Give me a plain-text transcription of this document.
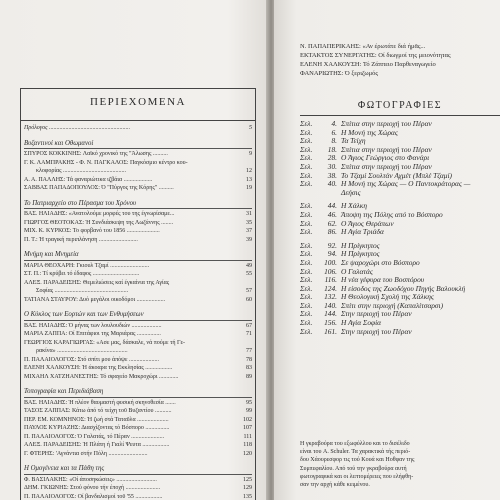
ΠΕΡΙΕΧΟΜΕΝΑ
Πρόλογος ......................................................	5
Βυζαντινοί και Οθωμανοί
ΣΠΥΡΟΣ ΚΟΚΚΙΝΗΣ: Λαϊκό χρονικό της "Άλωσης ..........	9
Γ. Κ. ΛΑΜΠΡΑΚΗΣ - Φ. Ν. ΠΑΓΚΑΛΟΣ: Παγκόσμιο κέντρο κου-
κλοφορίας ..........................................	12
Α. Α. ΠΑΛΛΗΣ: Τά φαναριώτικα ιζβάια ...................	13
ΣΑΒΒΑΣ ΠΑΠΑΔΟΠΟΥΛΟΣ: Ό "Πύργος της Κόρης" ..........	19
Το Πατριαρχείο στο Πέρασμα του Χρόνου
ΒΑΣ. ΗΛΙΑΔΗΣ: «Ανατολούμε μορφές του της έγνωρίσαμε...	31
ΓΙΩΡΓΟΣ ΘΕΟΤΟΚΑΣ: Ή Συνδιάσκεψη της Λωζάννης ........	35
ΜΙΧ. Κ. ΚΥΡΚΟΣ: Το φορβανό του 1856 ......................	37
Π. Τ.: Ή τραγική περιπλάνηση ..........................	39
Μνήμη και Μνημεία
ΜΑΡΙΑ ΘΕΟΧΑΡΗ: Γκιουλ Τζαμί ..........................	49
ΣΤ. Π.: Τί κρύβει τό έδαφος ...............................	55
ΑΛΕΞ. ΠΑΡΑΔΕΙΣΗΣ: Θεμελιώσεις καί έγκαίνια της Αγίας
Σοφίας .................................................	57
ΤΑΤΙΑΝΑ ΣΤΑΥΡΟΥ: Δυό μεγάλοι οικοδόμοι ...................	60
Ο Κύκλος των Εορτών και των Ενθυμήσεων
ΒΑΣ. ΗΛΙΑΔΗΣ: Ό μήνας των λουλουδιών ....................	67
ΜΑΡΙΑ ΖΑΠΠΑ: Οί Επιτάφιοι της Μαριάρας ................	71
ΓΕΩΡΓΙΟΣ ΚΑΡΑΓΙΩΡΓΑΣ: «Ασε μας, δάσκαλε, νά πούμε τή Γε-
ρακίνα» ...............................................	77
Π. ΠΑΛΑΙΟΛΟΓΟΣ: Στό σπίτι μου άπόψε ....................	78
ΕΛΕΝΗ ΧΑΛΚΟΥΣΗ: Ή άκοαρα της Εκκλησίας ..................	83
ΜΙΧΑΗΛ ΧΑΤΖΗΑΝΕΣΤΗΣ: Τό σφαγείο Μακροχώρι .............	89
Τοπογραφία και Περιδιάβαση
ΒΑΣ. ΗΛΙΑΔΗΣ: Ή πλέον θαυμαστή φυσική σκηνοθεσία .......	95
ΤΑΣΟΣ ΖΑΠΠΑΣ: Κάτω άπό τό τείχη τοῦ Βυζαντίου ...........	99
ΠΕΡ. ΕΜ. ΚΟΜΝΗΝΟΣ: Ή ζωή στά Ταταῦλα .....................	102
ΠΑΥΛΟΣ ΚΥΡΙΑΖΗΣ: Διασχίζοντας τό Βόσπορο ................	107
Π. ΠΑΛΑΙΟΛΟΓΟΣ: Ό Γαλατάς, τό Πέραν ......................	111
ΑΛΕΞ. ΠΑΡΑΔΕΙΣΗΣ: Ή Πλάτη ή Γιαλί Ψευτα ..................	118
Γ. ΦΤΕΡΗΣ: 'Αγνάντια στήν Πόλη ..........................	120
Η Ομογένεια και τα Πάθη της
Φ. ΒΑΣΙΛΑΚΗΣ: «Οί άποσηκώσεις» ...........................	125
ΔΗΜ. ΓΚΙΩΝΗΣ: Στού φόνου τήν έποχή .......................	129
Π. ΠΑΛΑΙΟΛΟΓΟΣ: Οί βανδαλισμοί τοῦ '55 ..................	135
Ν. ΠΑΠΑΠΕΡΙΚΑΗΣ: «Αν έρωτάτε διά ήμᾶς...
ΕΚΤΑΚΤΟΣ ΣΥΝΕΡΓΑΤΗΣ: Οί διωγμοί της μειονότητας
ΕΛΕΝΗ ΧΑΛΚΟΥΣΗ: Τό Ζάππειο Παρθεναγωγείο
ΦΑΝΑΡΙΩΤΗΣ: Ό ξεριζωμός
ΦΩΤΟΓΡΑΦΙΕΣ
Σελ.	4. Σπίτια στην περιοχή του Πέραν
Σελ.	6. Η Μονή της Χώρας
Σελ.	8. Τα Τείχη
Σελ. 18. Σπίτια στην περιοχή του Πέραν
Σελ. 28. Ο Άγιος Γεώργιος στο Φανάρι
Σελ. 30. Σπίτια στην περιοχή του Πέραν
Σελ. 38. Το Τζαμί Σουλτάν Αχμέτ (Μπλέ Τζαμί)
Σελ. 40. Η Μονή της Χώρας — Ο Παντοκράτορας —
Δεήσις
Σελ. 44. Η Χάλκη
Σελ. 46. Άποψη της Πόλης από το Βόσπορο
Σελ. 62. Ο Άγιος Θεράπων
Σελ. 86. Η Αγία Τριάδα
Σελ. 92. Η Πρίγκηπος
Σελ. 94. Η Πρίγκηπος
Σελ. 100. Σε ψαροχώρι στο Βόσπορο
Σελ. 106. Ο Γαλατάς
Σελ. 116. Η νέα γέφυρα του Βοσπόρου
Σελ. 124. Η είσοδος της Ζωοδόχου Πηγής Βαλουκλή
Σελ. 132. Η Θεολογική Σχολή της Χάλκης
Σελ. 140. Σπίτι στην περιοχή (Καπαλίτσαρσι)
Σελ. 144. Στην περιοχή του Πέραν
Σελ. 156. Η Αγία Σοφία
Σελ. 161. Στην περιοχή του Πέραν
Η γκραβούρα του εξωφύλλου και το δισέλιδο
είναι του A. Schuler. Τα χαρακτικά τής περιό-
δου Χάουρεσφορ τις τού Κουά και Ηοθφαν της
Συμπεφαλίου. Από τού την γκραβούρα αυτή
φωτογραφικά και οι λεπτομέρειες που ελήφθη-
σαν την αρχή κάθε κειμένου.
